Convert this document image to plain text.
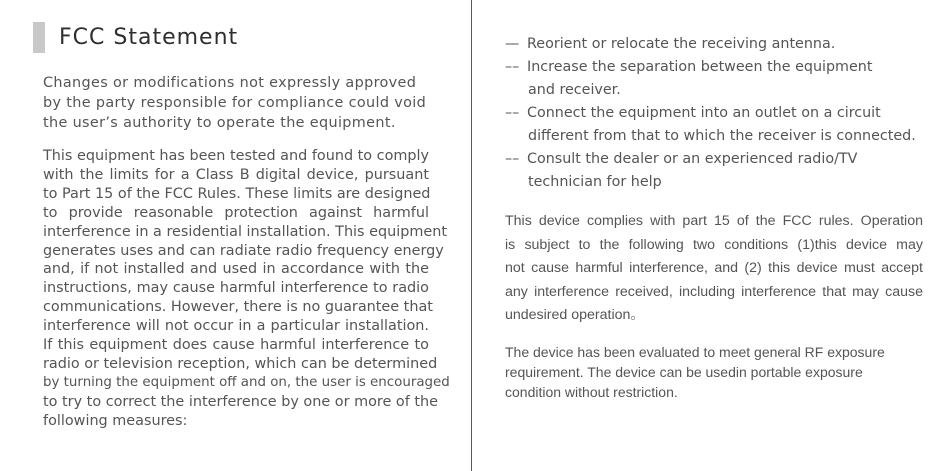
FCC Statement
Changes or modifications not expressly approved
by the party responsible for compliance could void
the user’s authority to operate the equipment.
This equipment has been tested and found to comply
with the limits for a Class B digital device, pursuant
to Part 15 of the FCC Rules. These limits are designed
to provide reasonable protection against harmful
interference in a residential installation. This equipment
generates uses and can radiate radio frequency energy
and, if not installed and used in accordance with the
instructions, may cause harmful interference to radio
communications. However, there is no guarantee that
interference will not occur in a particular installation.
If this equipment does cause harmful interference to
radio or television reception, which can be determined
by turning the equipment off and on, the user is encouraged
to try to correct the interference by one or more of the
following measures:
— Reorient or relocate the receiving antenna.
–– Increase the separation between the equipment
and receiver.
–– Connect the equipment into an outlet on a circuit
different from that to which the receiver is connected.
–– Consult the dealer or an experienced radio/TV
technician for help
This device complies with part 15 of the FCC rules. Operation
is subject to the following two conditions (1)this device may
not cause harmful interference, and (2) this device must accept
any interference received, including interference that may cause
undesired operation。
The device has been evaluated to meet general RF exposure
requirement. The device can be usedin portable exposure
condition without restriction.
